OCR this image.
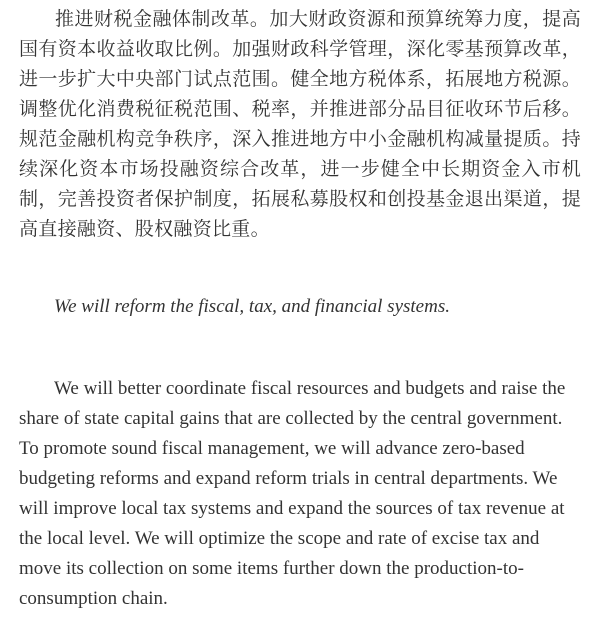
推进财税金融体制改革。加大财政资源和预算统筹力度，提高国有资本收益收取比例。加强财政科学管理，深化零基预算改革，进一步扩大中央部门试点范围。健全地方税体系，拓展地方税源。调整优化消费税征税范围、税率，并推进部分品目征收环节后移。规范金融机构竞争秩序，深入推进地方中小金融机构减量提质。持续深化资本市场投融资综合改革，进一步健全中长期资金入市机制，完善投资者保护制度，拓展私募股权和创投基金退出渠道，提高直接融资、股权融资比重。

We will reform the fiscal, tax, and financial systems.

We will better coordinate fiscal resources and budgets and raise the share of state capital gains that are collected by the central government. To promote sound fiscal management, we will advance zero-based budgeting reforms and expand reform trials in central departments. We will improve local tax systems and expand the sources of tax revenue at the local level. We will optimize the scope and rate of excise tax and move its collection on some items further down the production-to-consumption chain.
